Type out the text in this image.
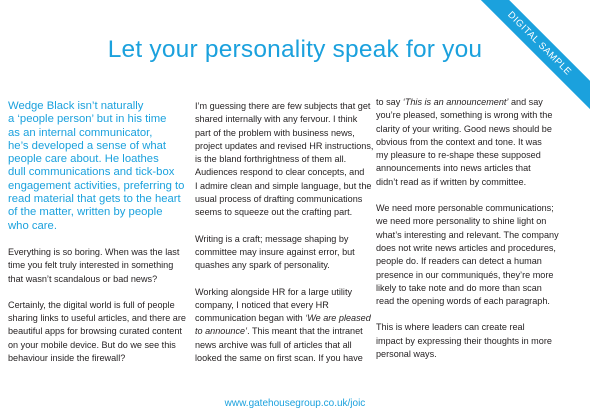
DIGITAL SAMPLE
Let your personality speak for you
Wedge Black isn’t naturally
a ‘people person’ but in his time
as an internal communicator,
he’s developed a sense of what
people care about. He loathes
dull communications and tick-box
engagement activities, preferring to
read material that gets to the heart
of the matter, written by people
who care.

Everything is so boring. When was the last
time you felt truly interested in something
that wasn’t scandalous or bad news?

Certainly, the digital world is full of people
sharing links to useful articles, and there are
beautiful apps for browsing curated content
on your mobile device. But do we see this
behaviour inside the firewall?

I’m guessing there are few subjects that get
shared internally with any fervour. I think
part of the problem with business news,
project updates and revised HR instructions,
is the bland forthrightness of them all.
Audiences respond to clear concepts, and
I admire clean and simple language, but the
usual process of drafting communications
seems to squeeze out the crafting part.

Writing is a craft; message shaping by
committee may insure against error, but
quashes any spark of personality.

Working alongside HR for a large utility
company, I noticed that every HR
communication began with ‘We are pleased
to announce’. This meant that the intranet
news archive was full of articles that all
looked the same on first scan. If you have

to say ‘This is an announcement’ and say
you’re pleased, something is wrong with the
clarity of your writing. Good news should be
obvious from the context and tone. It was
my pleasure to re-shape these supposed
announcements into news articles that
didn’t read as if written by committee.

We need more personable communications;
we need more personality to shine light on
what’s interesting and relevant. The company
does not write news articles and procedures,
people do. If readers can detect a human
presence in our communiqués, they’re more
likely to take note and do more than scan
read the opening words of each paragraph.

This is where leaders can create real
impact by expressing their thoughts in more
personal ways.

www.gatehousegroup.co.uk/joic
